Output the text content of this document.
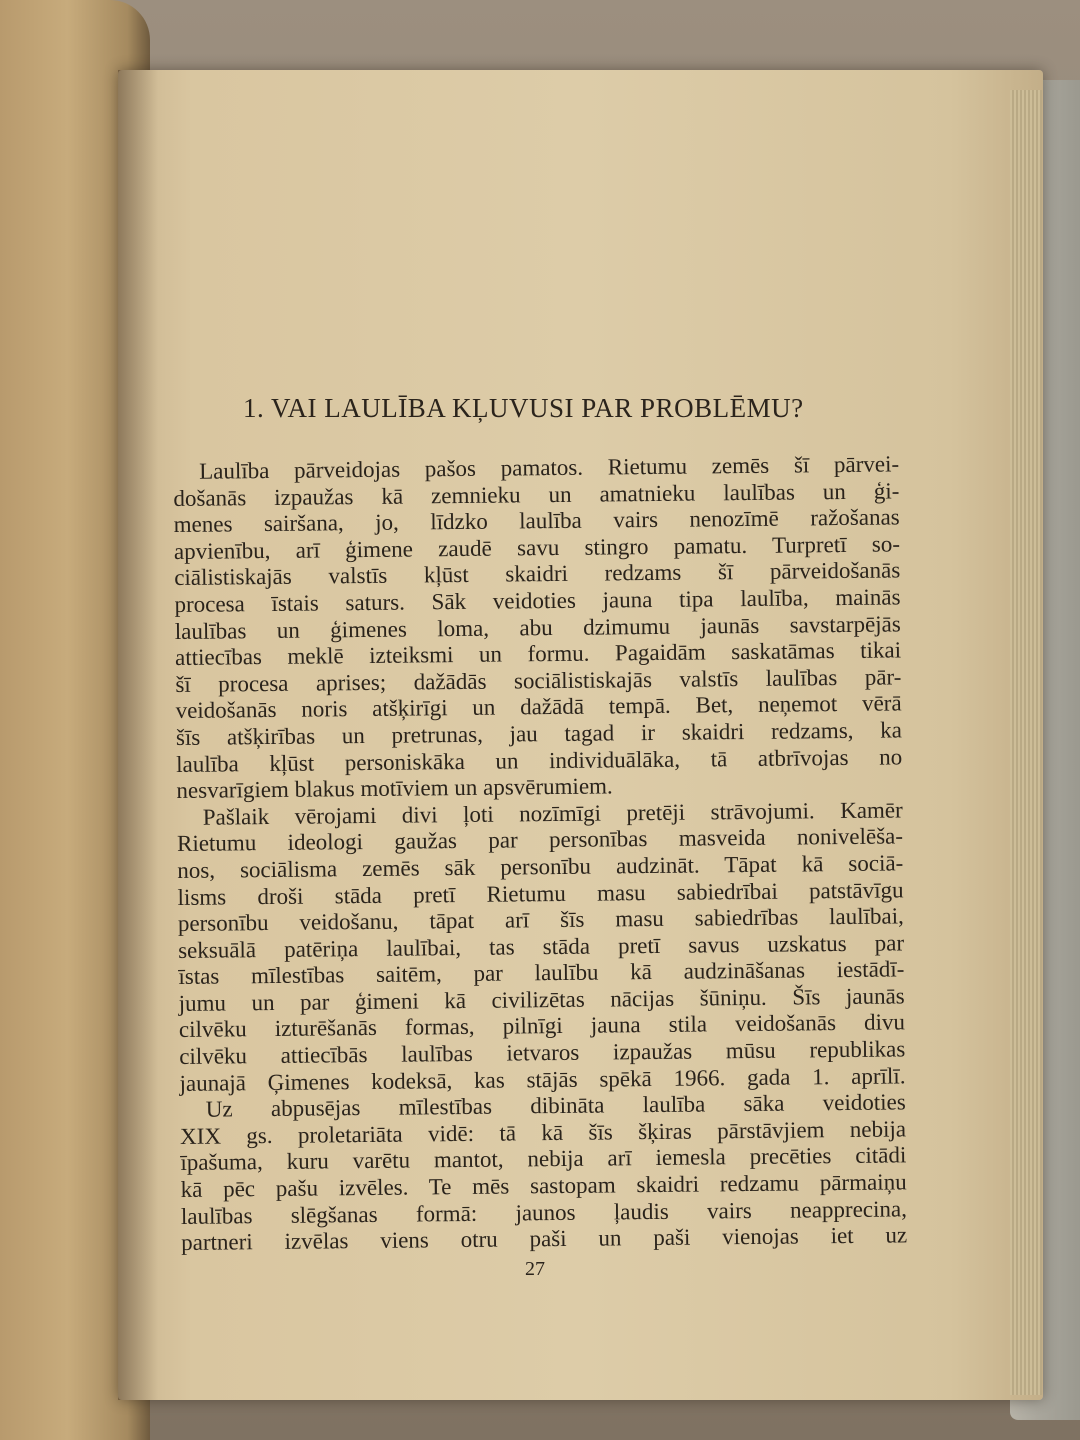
1. VAI LAULĪBA KĻUVUSI PAR PROBLĒMU?
Laulība pārveidojas pašos pamatos. Rietumu zemēs šī pārvei-
došanās izpaužas kā zemnieku un amatnieku laulības un ģi-
menes sairšana, jo, līdzko laulība vairs nenozīmē ražošanas
apvienību, arī ģimene zaudē savu stingro pamatu. Turpretī so-
ciālistiskajās valstīs kļūst skaidri redzams šī pārveidošanās
procesa īstais saturs. Sāk veidoties jauna tipa laulība, mainās
laulības un ģimenes loma, abu dzimumu jaunās savstarpējās
attiecības meklē izteiksmi un formu. Pagaidām saskatāmas tikai
šī procesa aprises; dažādās sociālistiskajās valstīs laulības pār-
veidošanās noris atšķirīgi un dažādā tempā. Bet, neņemot vērā
šīs atšķirības un pretrunas, jau tagad ir skaidri redzams, ka
laulība kļūst personiskāka un individuālāka, tā atbrīvojas no
nesvarīgiem blakus motīviem un apsvērumiem.
Pašlaik vērojami divi ļoti nozīmīgi pretēji strāvojumi. Kamēr
Rietumu ideologi gaužas par personības masveida nonivelēša-
nos, sociālisma zemēs sāk personību audzināt. Tāpat kā sociā-
lisms droši stāda pretī Rietumu masu sabiedrībai patstāvīgu
personību veidošanu, tāpat arī šīs masu sabiedrības laulībai,
seksuālā patēriņa laulībai, tas stāda pretī savus uzskatus par
īstas mīlestības saitēm, par laulību kā audzināšanas iestādī-
jumu un par ģimeni kā civilizētas nācijas šūniņu. Šīs jaunās
cilvēku izturēšanās formas, pilnīgi jauna stila veidošanās divu
cilvēku attiecībās laulības ietvaros izpaužas mūsu republikas
jaunajā Ģimenes kodeksā, kas stājās spēkā 1966. gada 1. aprīlī.
Uz abpusējas mīlestības dibināta laulība sāka veidoties
XIX gs. proletariāta vidē: tā kā šīs šķiras pārstāvjiem nebija
īpašuma, kuru varētu mantot, nebija arī iemesla precēties citādi
kā pēc pašu izvēles. Te mēs sastopam skaidri redzamu pārmaiņu
laulības slēgšanas formā: jaunos ļaudis vairs neapprecina,
partneri izvēlas viens otru paši un paši vienojas iet uz
27
